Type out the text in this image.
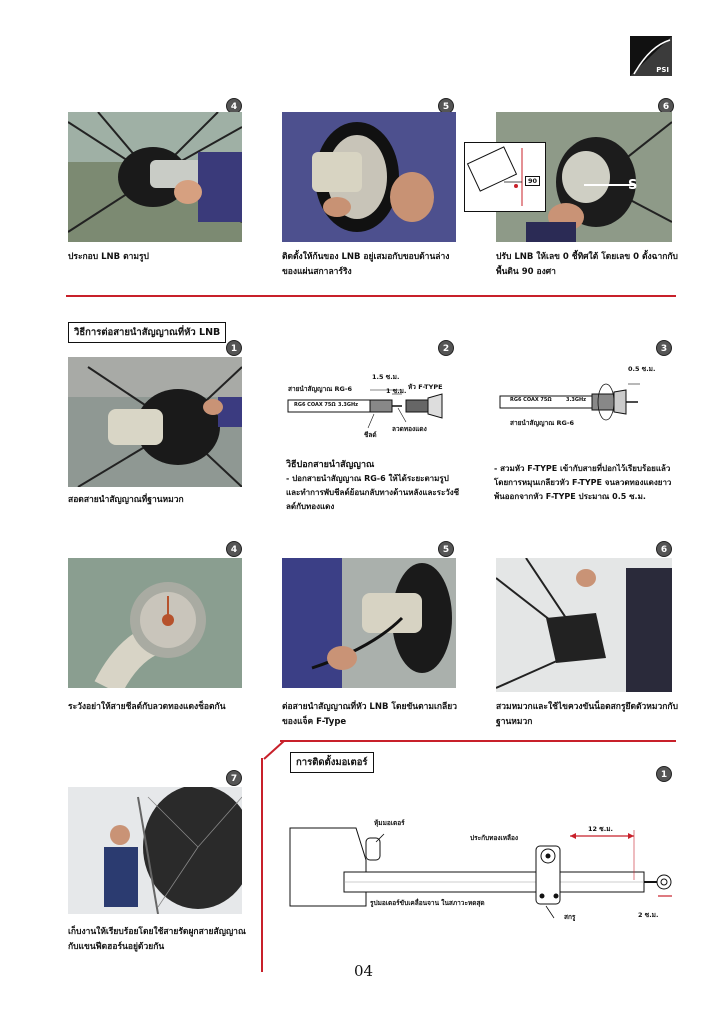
PSI
4
ประกอบ LNB ตามรูป
5
ติดตั้งให้ก้นของ LNB อยู่เสมอกับขอบด้านล่างของแผ่นสกาลาร์ริง
6
90	S
ปรับ LNB ให้เลข 0 ชี้ทิศใต้ โดยเลข 0 ตั้งฉากกับพื้นดิน 90 องศา
วิธีการต่อสายนำสัญญาณที่หัว LNB
1
สอดสายนำสัญญาณที่ฐานหมวก
2
สายนำสัญญาณ RG-6
1.5 ซ.ม.
1 ซ.ม. หัว F-TYPE
RG6 COAX 75Ω 3.3GHz
ชีลด์
ลวดทองแดง
วิธีปอกสายนำสัญญาณ
- ปอกสายนำสัญญาณ RG-6 ให้ได้ระยะตามรูป และทำการพับชีลด์ย้อนกลับทางด้านหลังและระวังชีลด์กับทองแดง
3
0.5 ซ.ม.
RG6 COAX 75Ω	3.3GHz
สายนำสัญญาณ RG-6
- สวมหัว F-TYPE เข้ากับสายที่ปอกไว้เรียบร้อยแล้ว โดยการหมุนเกลียวหัว F-TYPE จนลวดทองแดงยาวพ้นออกจากหัว F-TYPE ประมาณ 0.5 ซ.ม.
4
ระวังอย่าให้สายชีลด์กับลวดทองแดงช็อตกัน
5
ต่อสายนำสัญญาณที่หัว LNB โดยขันตามเกลียวของแจ็ค F-Type
6
สวมหมวกและใช้ไขควงขันน็อตสกรูยึดตัวหมวกกับฐานหมวก
การติดตั้งมอเตอร์
7
เก็บงานให้เรียบร้อยโดยใช้สายรัดผูกสายสัญญาณกับแขนฟีดฮอร์นอยู่ด้วยกัน
1
หุ้มมอเตอร์
ประกับทองเหลือง
12 ซ.ม.
รูปมอเตอร์ขับเคลื่อนจาน ในสภาวะหดสุด
สกรู	2 ซ.ม.
04
